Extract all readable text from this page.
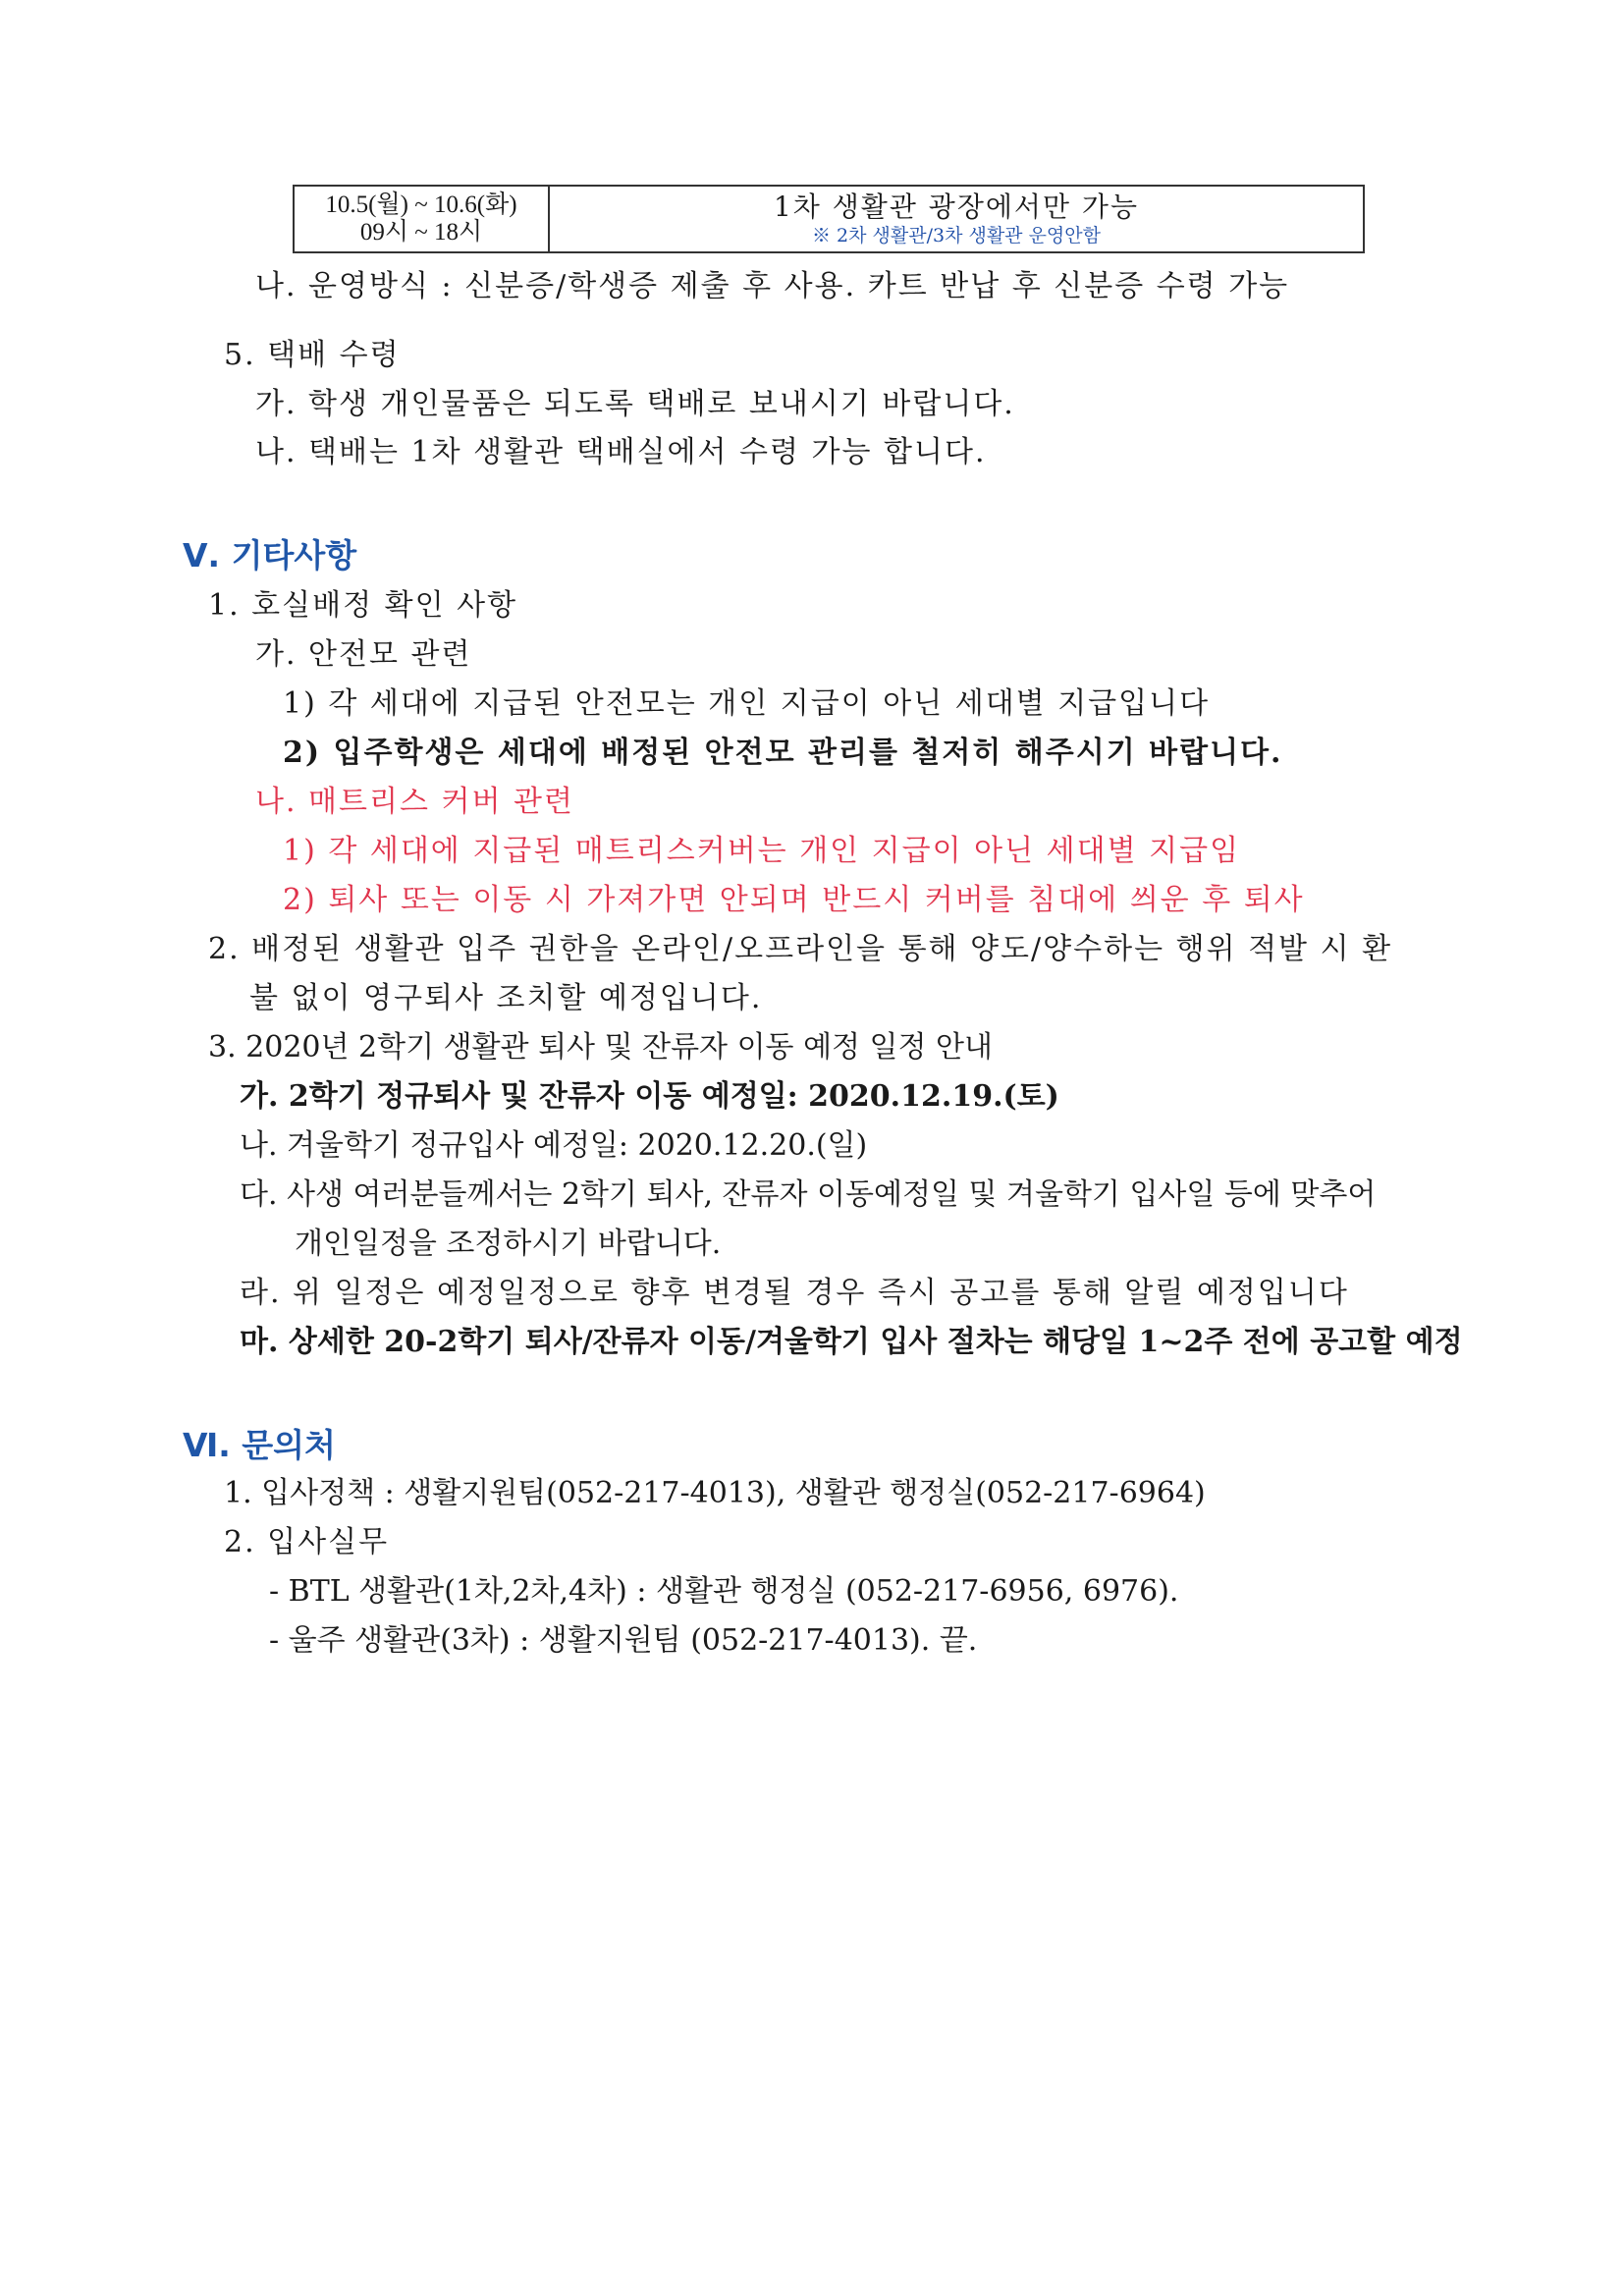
10.5(월) ~ 10.6(화)
09시 ~ 18시
1차 생활관 광장에서만 가능
※ 2차 생활관/3차 생활관 운영안함
나. 운영방식 : 신분증/학생증 제출 후 사용. 카트 반납 후 신분증 수령 가능
5. 택배 수령
가. 학생 개인물품은 되도록 택배로 보내시기 바랍니다.
나. 택배는 1차 생활관 택배실에서 수령 가능 합니다.
Ⅴ. 기타사항
1. 호실배정 확인 사항
가. 안전모 관련
1) 각 세대에 지급된 안전모는 개인 지급이 아닌 세대별 지급입니다
2) 입주학생은 세대에 배정된 안전모 관리를 철저히 해주시기 바랍니다.
나. 매트리스 커버 관련
1) 각 세대에 지급된 매트리스커버는 개인 지급이 아닌 세대별 지급임
2) 퇴사 또는 이동 시 가져가면 안되며 반드시 커버를 침대에 씌운 후 퇴사
2. 배정된 생활관 입주 권한을 온라인/오프라인을 통해 양도/양수하는 행위 적발 시 환
불 없이 영구퇴사 조치할 예정입니다.
3. 2020년 2학기 생활관 퇴사 및 잔류자 이동 예정 일정 안내
가. 2학기 정규퇴사 및 잔류자 이동 예정일: 2020.12.19.(토)
나. 겨울학기 정규입사 예정일: 2020.12.20.(일)
다. 사생 여러분들께서는 2학기 퇴사, 잔류자 이동예정일 및 겨울학기 입사일 등에 맞추어
개인일정을 조정하시기 바랍니다.
라. 위 일정은 예정일정으로 향후 변경될 경우 즉시 공고를 통해 알릴 예정입니다
마. 상세한 20-2학기 퇴사/잔류자 이동/겨울학기 입사 절차는 해당일 1~2주 전에 공고할 예정
Ⅵ. 문의처
1. 입사정책 : 생활지원팀(052-217-4013), 생활관 행정실(052-217-6964)
2. 입사실무
- BTL 생활관(1차,2차,4차) : 생활관 행정실 (052-217-6956, 6976).
- 울주 생활관(3차) : 생활지원팀 (052-217-4013). 끝.
